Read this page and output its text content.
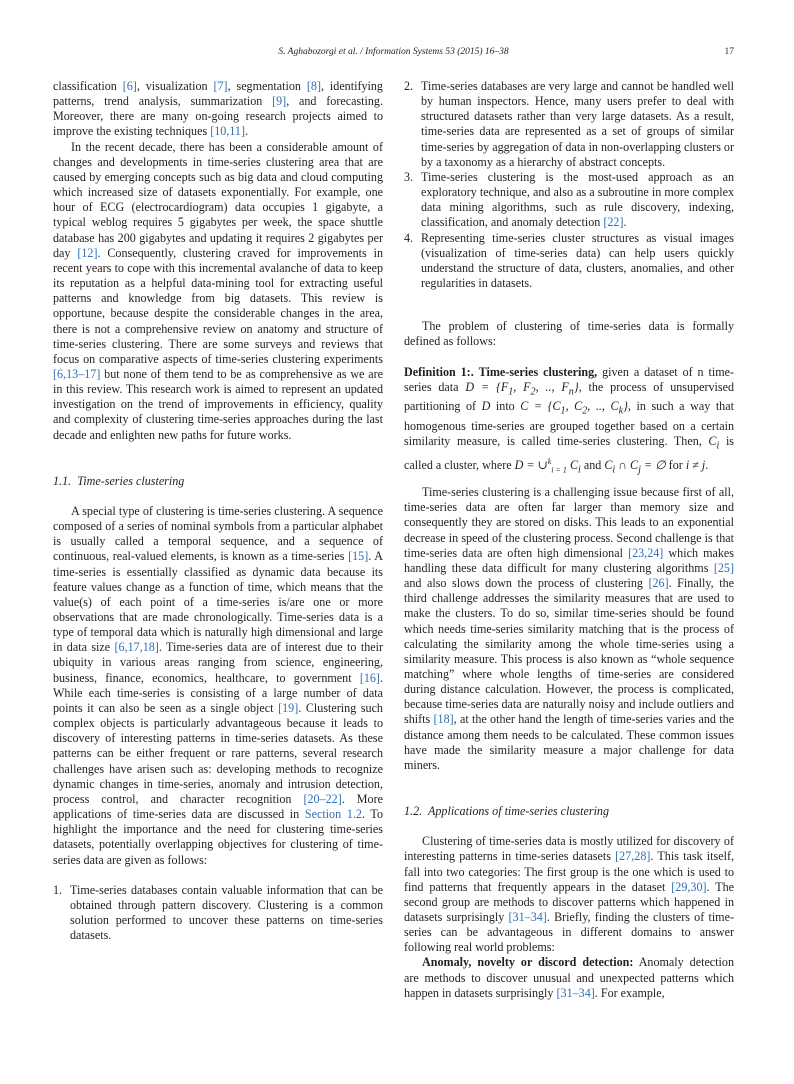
S. Aghabozorgi et al. / Information Systems 53 (2015) 16–38	17

classification [6], visualization [7], segmentation [8], identifying patterns, trend analysis, summarization [9], and forecasting. Moreover, there are many on-going research projects aimed to improve the existing techniques [10,11].

In the recent decade, there has been a considerable amount of changes and developments in time-series clustering area that are caused by emerging concepts such as big data and cloud computing which increased size of datasets exponentially. For example, one hour of ECG (electrocardiogram) data occupies 1 gigabyte, a typical weblog requires 5 gigabytes per week, the space shuttle database has 200 gigabytes and updating it requires 2 gigabytes per day [12]. Consequently, clustering craved for improvements in recent years to cope with this incremental avalanche of data to keep its reputation as a helpful data-mining tool for extracting useful patterns and knowledge from big datasets. This review is opportune, because despite the considerable changes in the area, there is not a comprehensive review on anatomy and structure of time-series clustering. There are some surveys and reviews that focus on comparative aspects of time-series clustering experiments [6,13–17] but none of them tend to be as comprehensive as we are in this review. This research work is aimed to represent an updated investigation on the trend of improvements in efficiency, quality and complexity of clustering time-series approaches during the last decade and enlighten new paths for future works.

1.1. Time-series clustering

A special type of clustering is time-series clustering. A sequence composed of a series of nominal symbols from a particular alphabet is usually called a temporal sequence, and a sequence of continuous, real-valued elements, is known as a time-series [15]. A time-series is essentially classified as dynamic data because its feature values change as a function of time, which means that the value(s) of each point of a time-series is/are one or more observations that are made chronologically. Time-series data is a type of temporal data which is naturally high dimensional and large in data size [6,17,18]. Time-series data are of interest due to their ubiquity in various areas ranging from science, engineering, business, finance, economics, healthcare, to government [16]. While each time-series is consisting of a large number of data points it can also be seen as a single object [19]. Clustering such complex objects is particularly advantageous because it leads to discovery of interesting patterns in time-series datasets. As these patterns can be either frequent or rare patterns, several research challenges have arisen such as: developing methods to recognize dynamic changes in time-series, anomaly and intrusion detection, process control, and character recognition [20–22]. More applications of time-series data are discussed in Section 1.2. To highlight the importance and the need for clustering time-series datasets, potentially overlapping objectives for clustering of time-series data are given as follows:

1. Time-series databases contain valuable information that can be obtained through pattern discovery. Clustering is a common solution performed to uncover these patterns on time-series datasets.
2. Time-series databases are very large and cannot be handled well by human inspectors. Hence, many users prefer to deal with structured datasets rather than very large datasets. As a result, time-series data are represented as a set of groups of similar time-series by aggregation of data in non-overlapping clusters or by a taxonomy as a hierarchy of abstract concepts.
3. Time-series clustering is the most-used approach as an exploratory technique, and also as a subroutine in more complex data mining algorithms, such as rule discovery, indexing, classification, and anomaly detection [22].
4. Representing time-series cluster structures as visual images (visualization of time-series data) can help users quickly understand the structure of data, clusters, anomalies, and other regularities in datasets.

The problem of clustering of time-series data is formally defined as follows:

Definition 1:. Time-series clustering, given a dataset of n time-series data $D = \{F_1$, $F_2$, .., $F_n$}, the process of unsupervised partitioning of D into $C = \{C_1$, $C_2$, .., $C_k$}, in such a way that homogenous time-series are grouped together based on a certain similarity measure, is called time-series clustering. Then, $C_i$ is called a cluster, where D = ∪$^k_{i = 1}$ $C_i$ and $C_i$ ∩ $C_j$ = ∅ for i ≠ j.

Time-series clustering is a challenging issue because first of all, time-series data are often far larger than memory size and consequently they are stored on disks. This leads to an exponential decrease in speed of the clustering process. Second challenge is that time-series data are often high dimensional [23,24] which makes handling these data difficult for many clustering algorithms [25] and also slows down the process of clustering [26]. Finally, the third challenge addresses the similarity measures that are used to make the clusters. To do so, similar time-series should be found which needs time-series similarity matching that is the process of calculating the similarity among the whole time-series using a similarity measure. This process is also known as “whole sequence matching” where whole lengths of time-series are considered during distance calculation. However, the process is complicated, because time-series data are naturally noisy and include outliers and shifts [18], at the other hand the length of time-series varies and the distance among them needs to be calculated. These common issues have made the similarity measure a major challenge for data miners.

1.2. Applications of time-series clustering

Clustering of time-series data is mostly utilized for discovery of interesting patterns in time-series datasets [27,28]. This task itself, fall into two categories: The first group is the one which is used to find patterns that frequently appears in the dataset [29,30]. The second group are methods to discover patterns which happened in datasets surprisingly [31–34]. Briefly, finding the clusters of time-series can be advantageous in different domains to answer following real world problems:

Anomaly, novelty or discord detection: Anomaly detection are methods to discover unusual and unexpected patterns which happen in datasets surprisingly [31–34]. For example,
